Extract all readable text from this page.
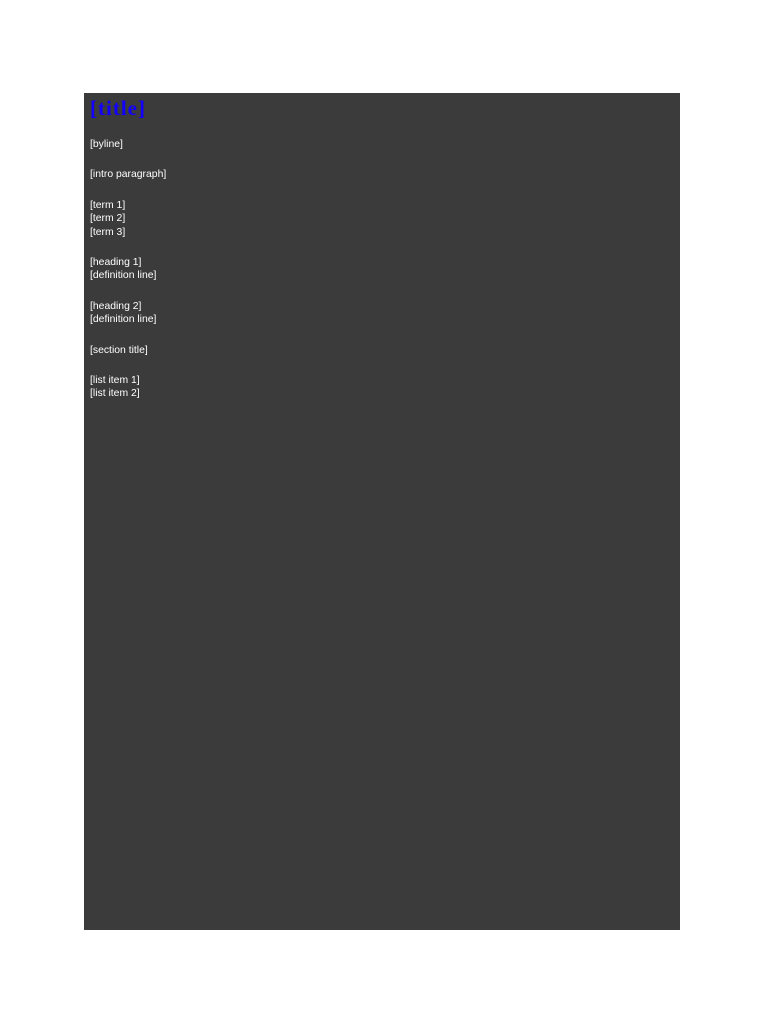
[title]
[byline]
[intro paragraph]
[term 1]
[term 2]
[term 3]
[heading 1]
[definition line]
[heading 2]
[definition line]
[section title]
[list item 1]
[list item 2]
